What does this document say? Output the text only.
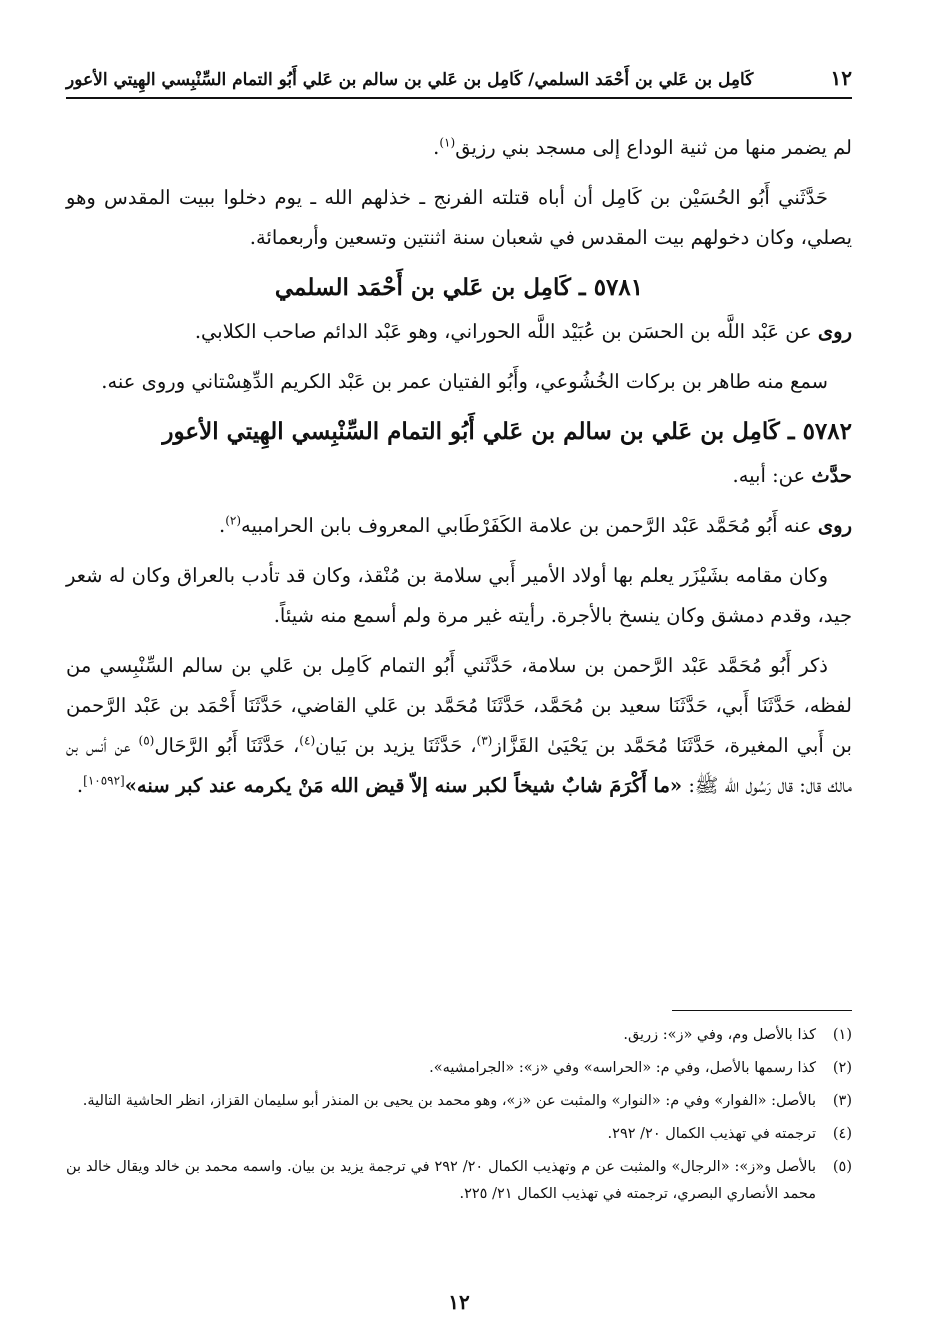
١٢
كَامِل بن عَلي بن أَحْمَد السلمي/ كَامِل بن عَلي بن سالم بن عَلي أَبُو التمام السِّنْبِسي الهِيتي الأعور

لم يضمر منها من ثنية الوداع إلى مسجد بني رزيق$^{(١)}$.

حَدَّثَني أَبُو الحُسَيْن بن كَامِل أن أباه قتلته الفرنج ـ خذلهم الله ـ يوم دخلوا ببيت المقدس وهو يصلي، وكان دخولهم بيت المقدس في شعبان سنة اثنتين وتسعين وأربعمائة.

٥٧٨١ ـ كَامِل بن عَلي بن أَحْمَد السلمي

روى عن عَبْد اللَّه بن الحسَن بن عُبَيْد اللَّه الحوراني، وهو عَبْد الدائم صاحب الكلابي.

سمع منه طاهر بن بركات الخُشُوعي، وأَبُو الفتيان عمر بن عَبْد الكريم الدِّهِسْتاني وروى عنه.

٥٧٨٢ ـ كَامِل بن عَلي بن سالم بن عَلي أَبُو التمام السِّنْبِسي الهِيتي الأعور

حدَّث عن: أبيه.

روى عنه أَبُو مُحَمَّد عَبْد الرَّحمن بن علامة الكَفَرْطَابي المعروف بابن الحرامبيه$^{(٢)}$.

وكان مقامه بشَيْزَر يعلم بها أولاد الأمير أَبي سلامة بن مُنْقذ، وكان قد تأدب بالعراق وكان له شعر جيد، وقدم دمشق وكان ينسخ بالأجرة. رأيته غير مرة ولم أسمع منه شيئاً.

ذكر أَبُو مُحَمَّد عَبْد الرَّحمن بن سلامة، حَدَّثَني أَبُو التمام كَامِل بن عَلي بن سالم السِّنْبِسي من لفظه، حَدَّثَنَا أَبي، حَدَّثَنَا سعيد بن مُحَمَّد، حَدَّثَنَا مُحَمَّد بن عَلي القاضي، حَدَّثَنَا أَحْمَد بن عَبْد الرَّحمن بن أَبي المغيرة، حَدَّثَنَا مُحَمَّد بن يَحْيَىٰ القَزَّاز$^{(٣)}$، حَدَّثَنَا يزيد بن بَيان$^{(٤)}$، حَدَّثَنَا أَبُو الرَّحَال$^{(٥)}$ عن أنس بن مالك قال: قال رَسُول الله ﷺ: «ما أَكْرَمَ شابٌ شيخاً لكبر سنه إلاّ قيض الله مَنْ يكرمه عند كبر سنه»[١٠٥٩٢].

(١)
كذا بالأصل وم، وفي «ز»: زريق.
(٢)
كذا رسمها بالأصل، وفي م: «الحراسه» وفي «ز»: «الجرامشيه».
(٣)
بالأصل: «الفوار» وفي م: «النوار» والمثبت عن «ز»، وهو محمد بن يحيى بن المنذر أبو سليمان القزاز، انظر الحاشية التالية.
(٤)
ترجمته في تهذيب الكمال ٢٠/ ٢٩٢.
(٥)
بالأصل و«ز»: «الرجال» والمثبت عن م وتهذيب الكمال ٢٠/ ٢٩٢ في ترجمة يزيد بن بيان. واسمه محمد بن خالد ويقال خالد بن محمد الأنصاري البصري، ترجمته في تهذيب الكمال ٢١/ ٢٢٥.
١٢
